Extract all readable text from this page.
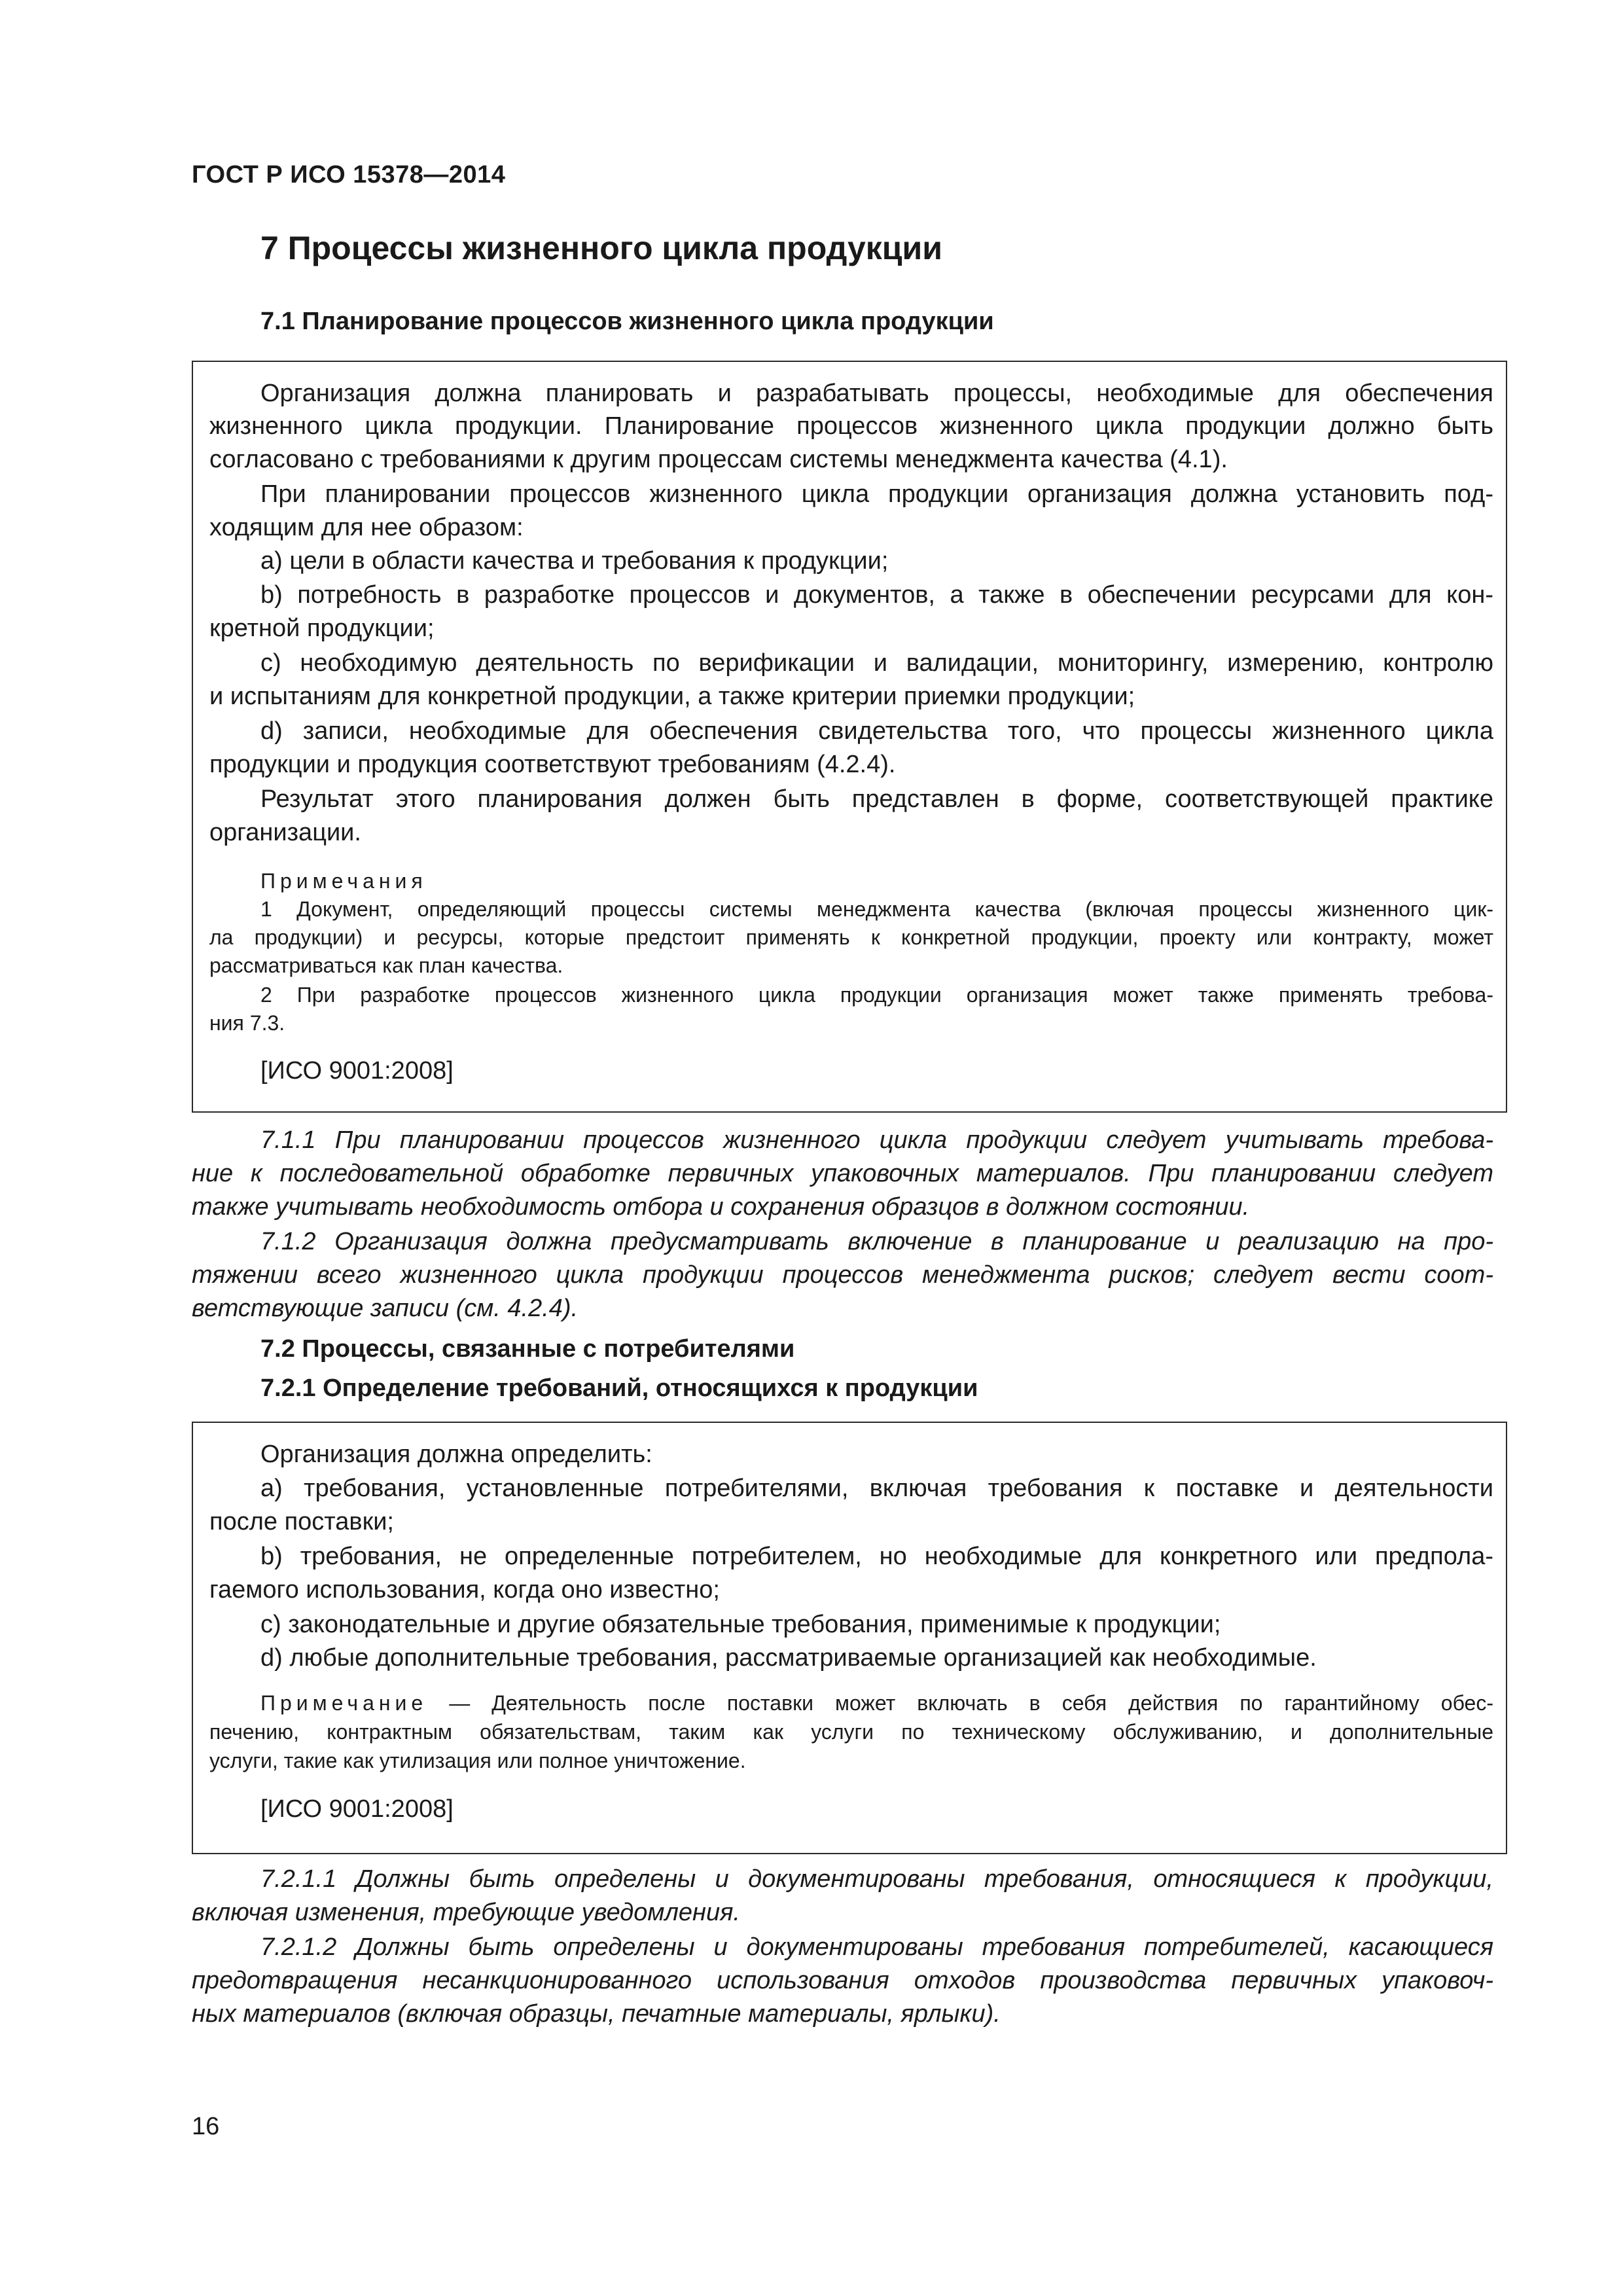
ГОСТ Р ИСО 15378—2014
7 Процессы жизненного цикла продукции
7.1 Планирование процессов жизненного цикла продукции
Организация должна планировать и разрабатывать процессы, необходимые для обеспечения
жизненного цикла продукции. Планирование процессов жизненного цикла продукции должно быть
согласовано с требованиями к другим процессам системы менеджмента качества (4.1).
При планировании процессов жизненного цикла продукции организация должна установить под-
ходящим для нее образом:
a) цели в области качества и требования к продукции;
b) потребность в разработке процессов и документов, а также в обеспечении ресурсами для кон-
кретной продукции;
c) необходимую деятельность по верификации и валидации, мониторингу, измерению, контролю
и испытаниям для конкретной продукции, а также критерии приемки продукции;
d) записи, необходимые для обеспечения свидетельства того, что процессы жизненного цикла
продукции и продукция соответствуют требованиям (4.2.4).
Результат этого планирования должен быть представлен в форме, соответствующей практике
организации.
Примечания
1 Документ, определяющий процессы системы менеджмента качества (включая процессы жизненного цик-
ла продукции) и ресурсы, которые предстоит применять к конкретной продукции, проекту или контракту, может
рассматриваться как план качества.
2 При разработке процессов жизненного цикла продукции организация может также применять требова-
ния 7.3.
[ИСО 9001:2008]
7.1.1 При планировании процессов жизненного цикла продукции следует учитывать требова-
ние к последовательной обработке первичных упаковочных материалов. При планировании следует
также учитывать необходимость отбора и сохранения образцов в должном состоянии.
7.1.2 Организация должна предусматривать включение в планирование и реализацию на про-
тяжении всего жизненного цикла продукции процессов менеджмента рисков; следует вести соот-
ветствующие записи (см. 4.2.4).
7.2 Процессы, связанные с потребителями
7.2.1 Определение требований, относящихся к продукции
Организация должна определить:
a) требования, установленные потребителями, включая требования к поставке и деятельности
после поставки;
b) требования, не определенные потребителем, но необходимые для конкретного или предпола-
гаемого использования, когда оно известно;
c) законодательные и другие обязательные требования, применимые к продукции;
d) любые дополнительные требования, рассматриваемые организацией как необходимые.
Примечание — Деятельность после поставки может включать в себя действия по гарантийному обес-
печению, контрактным обязательствам, таким как услуги по техническому обслуживанию, и дополнительные
услуги, такие как утилизация или полное уничтожение.
[ИСО 9001:2008]
7.2.1.1 Должны быть определены и документированы требования, относящиеся к продукции,
включая изменения, требующие уведомления.
7.2.1.2 Должны быть определены и документированы требования потребителей, касающиеся
предотвращения несанкционированного использования отходов производства первичных упаковоч-
ных материалов (включая образцы, печатные материалы, ярлыки).
16
